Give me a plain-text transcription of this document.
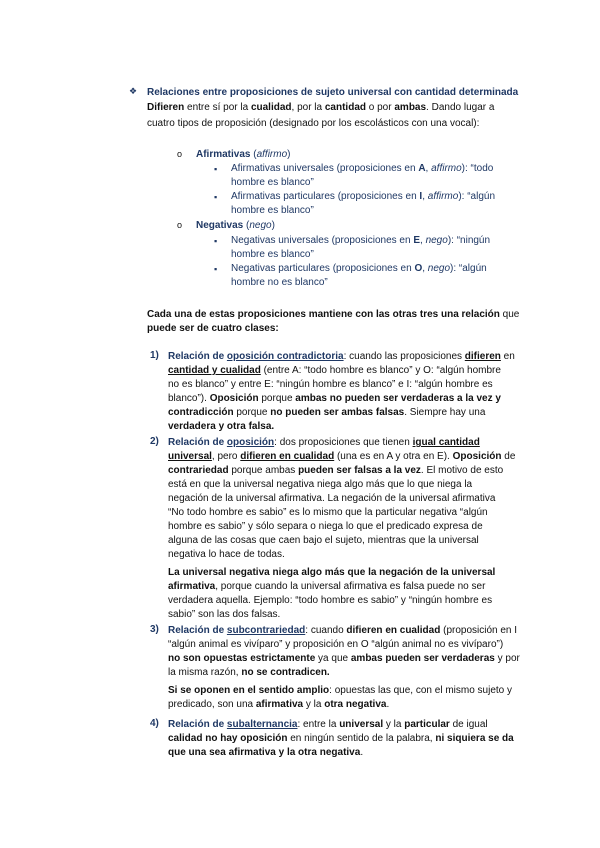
❖ Relaciones entre proposiciones de sujeto universal con cantidad determinada
Difieren entre sí por la cualidad, por la cantidad o por ambas. Dando lugar a
cuatro tipos de proposición (designado por los escolásticos con una vocal):
o Afirmativas (affirmo)
▪ Afirmativas universales (proposiciones en A, affirmo): “todo
hombre es blanco”
▪ Afirmativas particulares (proposiciones en I, affirmo): “algún
hombre es blanco”
o Negativas (nego)
▪ Negativas universales (proposiciones en E, nego): “ningún
hombre es blanco”
▪ Negativas particulares (proposiciones en O, nego): “algún
hombre no es blanco”
Cada una de estas proposiciones mantiene con las otras tres una relación que
puede ser de cuatro clases:
1) Relación de oposición contradictoria: cuando las proposiciones difieren en
cantidad y cualidad (entre A: “todo hombre es blanco” y O: “algún hombre
no es blanco” y entre E: “ningún hombre es blanco” e I: “algún hombre es
blanco”). Oposición porque ambas no pueden ser verdaderas a la vez y
contradicción porque no pueden ser ambas falsas. Siempre hay una
verdadera y otra falsa.
2) Relación de oposición: dos proposiciones que tienen igual cantidad
universal, pero difieren en cualidad (una es en A y otra en E). Oposición de
contrariedad porque ambas pueden ser falsas a la vez. El motivo de esto
está en que la universal negativa niega algo más que lo que niega la
negación de la universal afirmativa. La negación de la universal afirmativa
“No todo hombre es sabio” es lo mismo que la particular negativa “algún
hombre es sabio” y sólo separa o niega lo que el predicado expresa de
alguna de las cosas que caen bajo el sujeto, mientras que la universal
negativa lo hace de todas.
La universal negativa niega algo más que la negación de la universal
afirmativa, porque cuando la universal afirmativa es falsa puede no ser
verdadera aquella. Ejemplo: “todo hombre es sabio” y “ningún hombre es
sabio” son las dos falsas.
3) Relación de subcontrariedad: cuando difieren en cualidad (proposición en I
“algún animal es vivíparo” y proposición en O “algún animal no es vivíparo”)
no son opuestas estrictamente ya que ambas pueden ser verdaderas y por
la misma razón, no se contradicen.
Si se oponen en el sentido amplio: opuestas las que, con el mismo sujeto y
predicado, son una afirmativa y la otra negativa.
4) Relación de subalternancia: entre la universal y la particular de igual
calidad no hay oposición en ningún sentido de la palabra, ni siquiera se da
que una sea afirmativa y la otra negativa.
